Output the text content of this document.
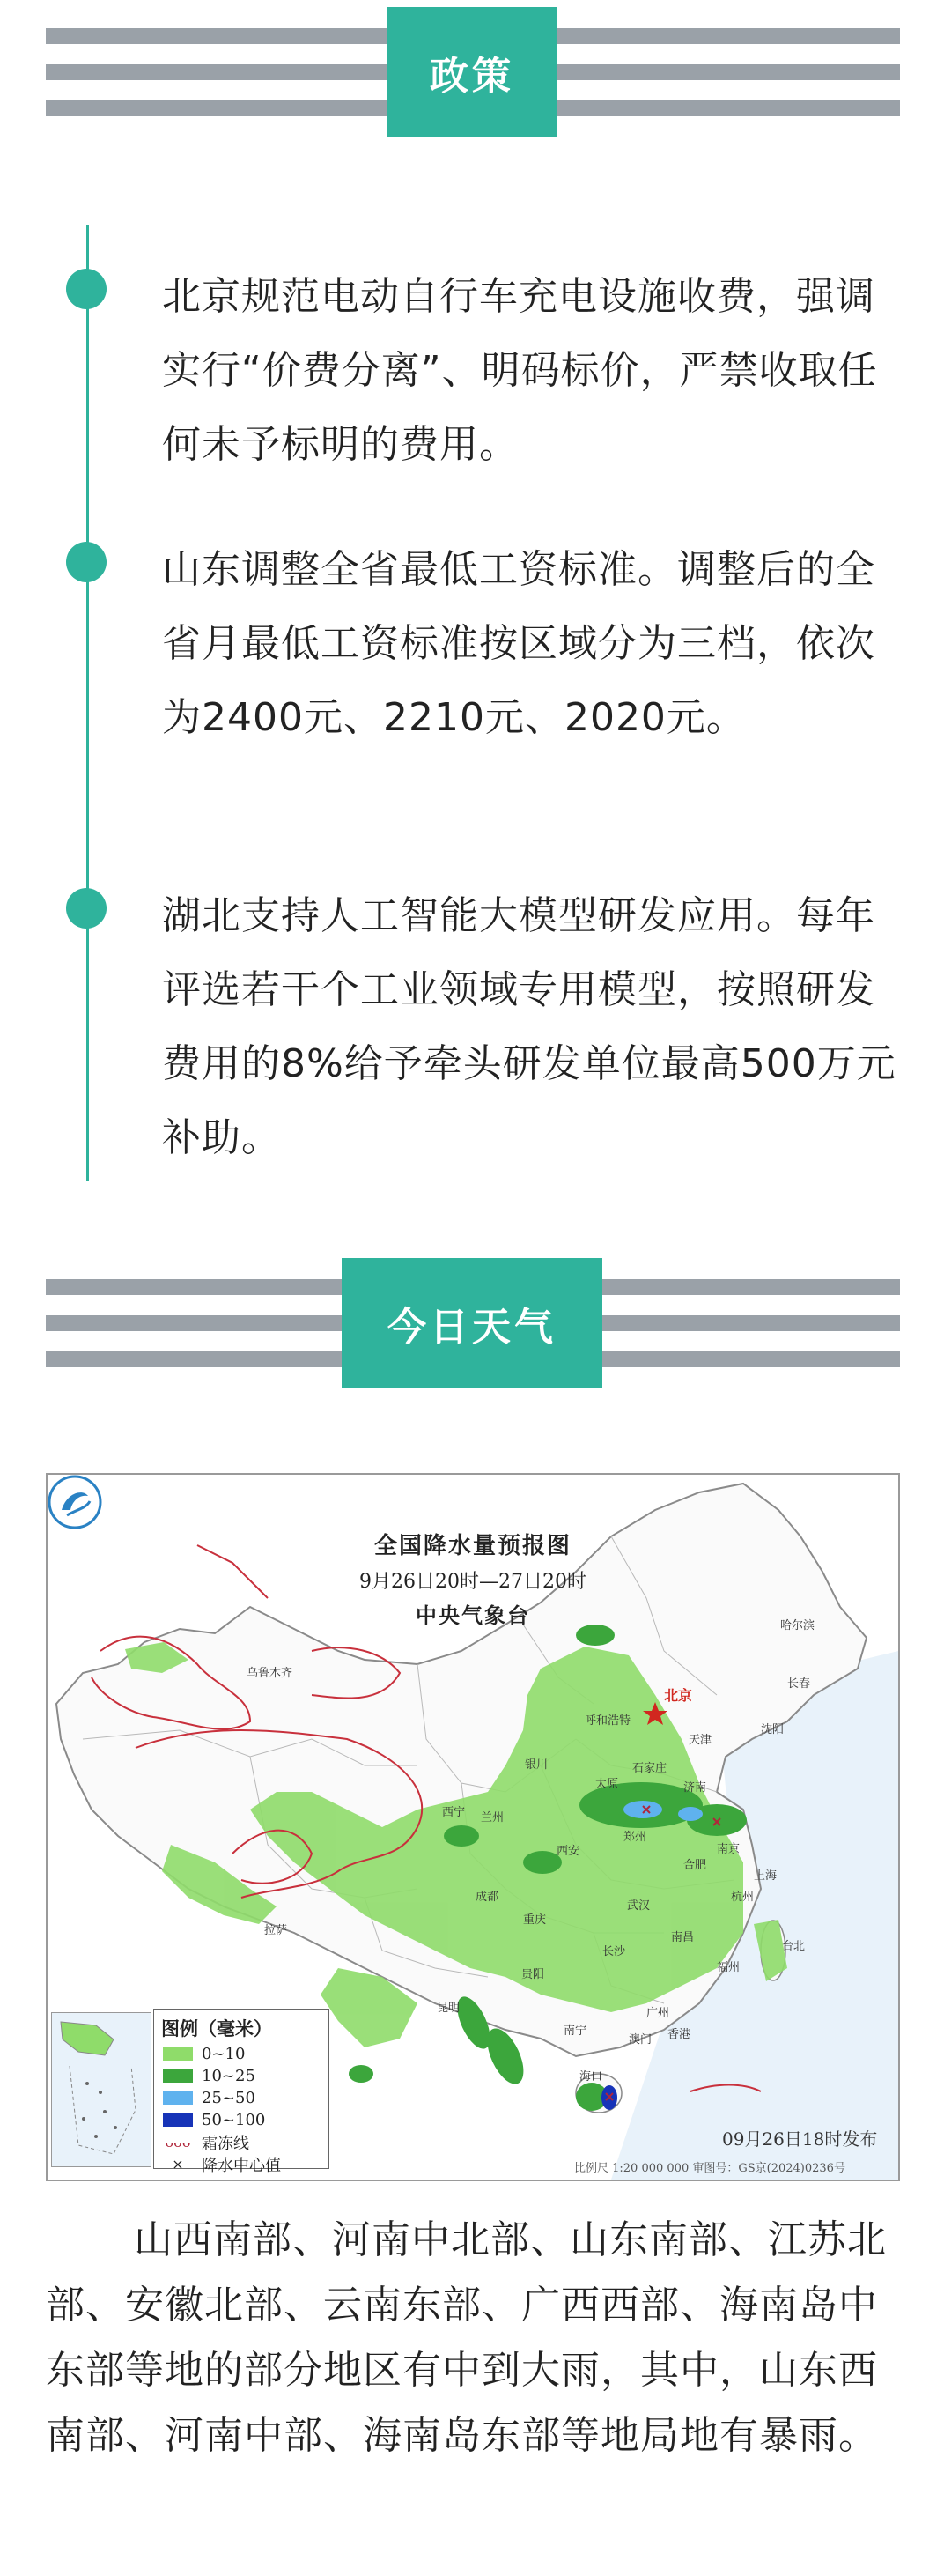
政策

北京规范电动自行车充电设施收费，强调实行“价费分离”、明码标价，严禁收取任何未予标明的费用。

山东调整全省最低工资标准。调整后的全省月最低工资标准按区域分为三档，依次为2400元、2210元、2020元。

湖北支持人工智能大模型研发应用。每年评选若干个工业领域专用模型，按照研发费用的8%给予牵头研发单位最高500万元补助。

今日天气
全国降水量预报图
9月26日20时—27日20时
中央气象台
乌鲁木齐
哈尔滨
长春
沈阳
呼和浩特
北京
天津
石家庄
太原	济南
银川
西宁 兰州
西安
郑州
合肥
南京
上海
杭州
拉萨
成都
重庆
武汉
长沙
南昌
福州
台北
贵阳
昆明
南宁
广州
香港
澳门
海口
图例（毫米）
0~10
10~25
25~50
50~100
ᴗᴗᴗ 霜冻线
×	降水中心值
09月26日18时发布
比例尺 1:20 000 000 审图号：GS京(2024)0236号

山西南部、河南中北部、山东南部、江苏北部、安徽北部、云南东部、广西西部、海南岛中东部等地的部分地区有中到大雨，其中，山东西南部、河南中部、海南岛东部等地局地有暴雨。
